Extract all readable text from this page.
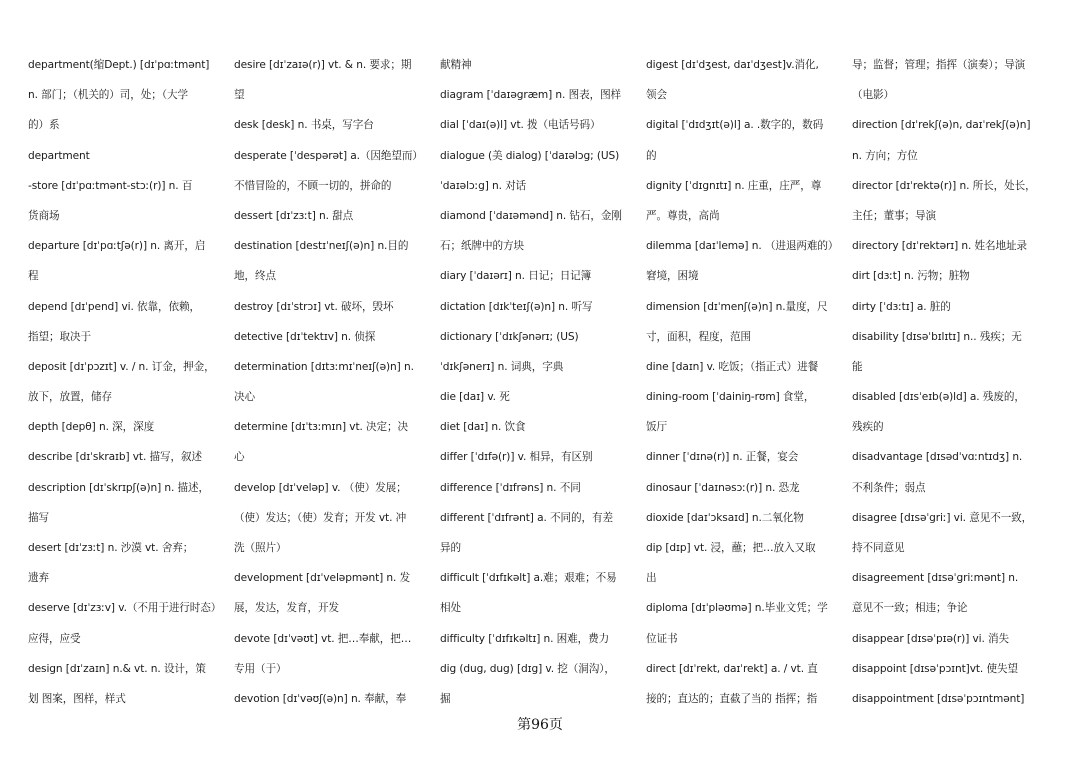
department(缩Dept.) [dɪˈpɑːtmənt]
n. 部门；（机关的）司，处；（大学
的）系
department
-store [dɪˈpɑːtmənt-stɔː(r)] n. 百
货商场
departure [dɪˈpɑːtʃə(r)] n. 离开，启
程
depend [dɪˈpend] vi. 依靠，依赖，
指望；取决于
deposit [dɪˈpɔzɪt] v. / n. 订金，押金，
放下，放置，储存
depth [depθ] n. 深，深度
describe [dɪˈskraɪb] vt. 描写，叙述
description [dɪˈskrɪpʃ(ə)n] n. 描述，
描写
desert [dɪˈzɜːt] n. 沙漠 vt. 舍弃；
遗弃
deserve [dɪˈzɜːv] v.（不用于进行时态）
应得，应受
design [dɪˈzaɪn] n.& vt. n. 设计，策
划 图案，图样，样式
desire [dɪˈzaɪə(r)] vt. & n. 要求；期
望
desk [desk] n. 书桌，写字台
desperate [ˈdespərət] a.（因绝望而）
不惜冒险的，不顾一切的，拼命的
dessert [dɪˈzɜːt] n. 甜点
destination [destɪˈneɪʃ(ə)n] n.目的
地，终点
destroy [dɪˈstrɔɪ] vt. 破坏，毁坏
detective [dɪˈtektɪv] n. 侦探
determination [dɪtɜːmɪˈneɪʃ(ə)n] n.
决心
determine [dɪˈtɜːmɪn] vt. 决定；决
心
develop [dɪˈveləp] v. （使）发展；
（使）发达；（使）发育；开发 vt. 冲
洗（照片）
development [dɪˈveləpmənt] n. 发
展，发达，发育，开发
devote [dɪˈvəʊt] vt. 把…奉献，把…
专用（于）
devotion [dɪˈvəʊʃ(ə)n] n. 奉献，奉
献精神
diagram [ˈdaɪəgræm] n. 图表，图样
dial [ˈdaɪ(ə)l] vt. 拨（电话号码）
dialogue (美 dialog) [ˈdaɪəlɔg; (US)
ˈdaɪəlɔːg] n. 对话
diamond [ˈdaɪəmənd] n. 钻石，金刚
石；纸牌中的方块
diary [ˈdaɪərɪ] n. 日记；日记簿
dictation [dɪkˈteɪʃ(ə)n] n. 听写
dictionary [ˈdɪkʃənərɪ; (US)
ˈdɪkʃənerɪ] n. 词典，字典
die [daɪ] v. 死
diet [daɪ] n. 饮食
differ [ˈdɪfə(r)] v. 相异，有区别
difference [ˈdɪfrəns] n. 不同
different [ˈdɪfrənt] a. 不同的，有差
异的
difficult [ˈdɪfɪkəlt] a.难；艰难；不易
相处
difficulty [ˈdɪfɪkəltɪ] n. 困难，费力
dig (dug, dug) [dɪg] v. 挖（洞沟），
掘
digest [dɪˈdʒest, daɪˈdʒest]v.消化,
领会
digital [ˈdɪdʒɪt(ə)l] a. .数字的，数码
的
dignity [ˈdɪgnɪtɪ] n. 庄重，庄严，尊
严。尊贵，高尚
dilemma [daɪˈlemə] n. （进退两难的）
窘境，困境
dimension [dɪˈmenʃ(ə)n] n.量度，尺
寸，面积，程度，范围
dine [daɪn] v. 吃饭；（指正式）进餐
dining-room [ˈdainiŋ-rʊm] 食堂，
饭厅
dinner [ˈdɪnə(r)] n. 正餐，宴会
dinosaur [ˈdaɪnəsɔː(r)] n. 恐龙
dioxide [daɪˈɔksaɪd] n.二氧化物
dip [dɪp] vt. 浸，蘸；把…放入又取
出
diploma [dɪˈpləʊmə] n.毕业文凭；学
位证书
direct [dɪˈrekt, daɪˈrekt] a. / vt. 直
接的；直达的；直截了当的 指挥；指
导；监督；管理；指挥（演奏）；导演
（电影）
direction [dɪˈrekʃ(ə)n, daɪˈrekʃ(ə)n]
n. 方向；方位
director [dɪˈrektə(r)] n. 所长，处长，
主任；董事；导演
directory [dɪˈrektərɪ] n. 姓名地址录
dirt [dɜːt] n. 污物；脏物
dirty [ˈdɜːtɪ] a. 脏的
disability [dɪsəˈbɪlɪtɪ] n.. 残疾；无
能
disabled [dɪsˈeɪb(ə)ld] a. 残废的，
残疾的
disadvantage [dɪsədˈvɑːntɪdʒ] n.
不利条件；弱点
disagree [dɪsəˈgriː] vi. 意见不一致，
持不同意见
disagreement [dɪsəˈgriːmənt] n.
意见不一致；相违；争论
disappear [dɪsəˈpɪə(r)] vi. 消失
disappoint [dɪsəˈpɔɪnt]vt. 使失望
disappointment [dɪsəˈpɔɪntmənt]
第96页
